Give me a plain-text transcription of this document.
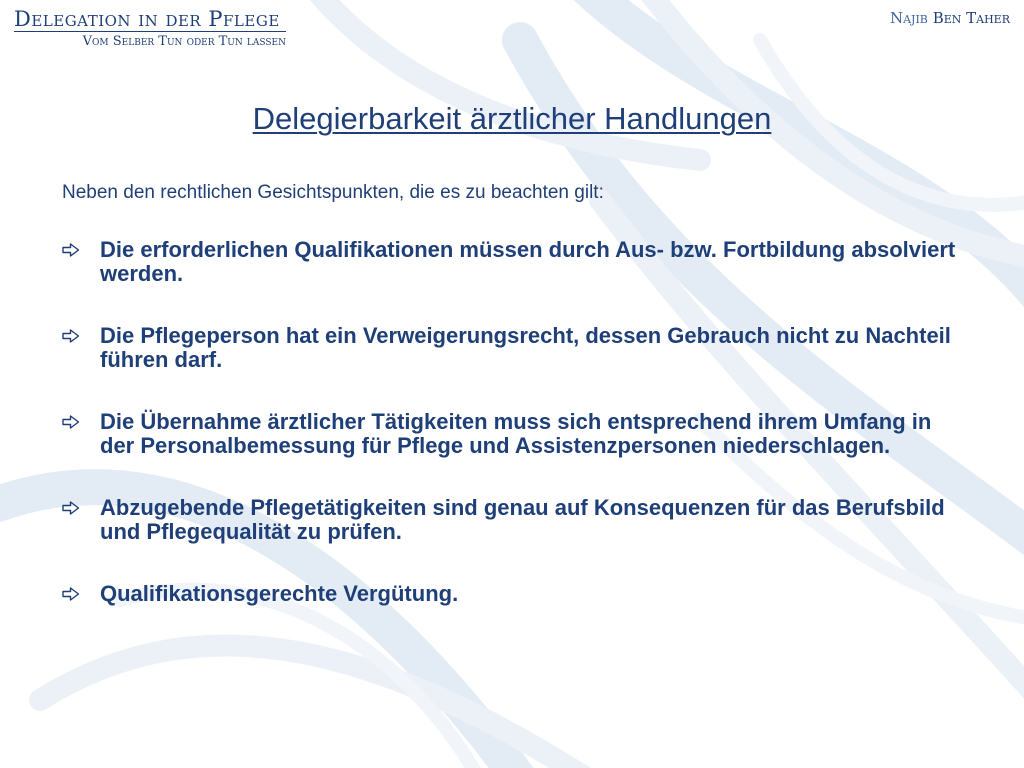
Delegation in der Pflege
Vom Selber Tun oder Tun lassen
Najib Ben Taher
Delegierbarkeit ärztlicher Handlungen
Neben den rechtlichen Gesichtspunkten, die es zu beachten gilt:
Die erforderlichen Qualifikationen müssen durch Aus- bzw. Fortbildung absolviert werden.
Die Pflegeperson hat ein Verweigerungsrecht, dessen Gebrauch nicht zu Nachteil führen darf.
Die Übernahme ärztlicher Tätigkeiten muss sich entsprechend ihrem Umfang in der Personalbemessung für Pflege und Assistenzpersonen niederschlagen.
Abzugebende Pflegetätigkeiten sind genau auf Konsequenzen für das Berufsbild und Pflegequalität zu prüfen.
Qualifikationsgerechte Vergütung.
